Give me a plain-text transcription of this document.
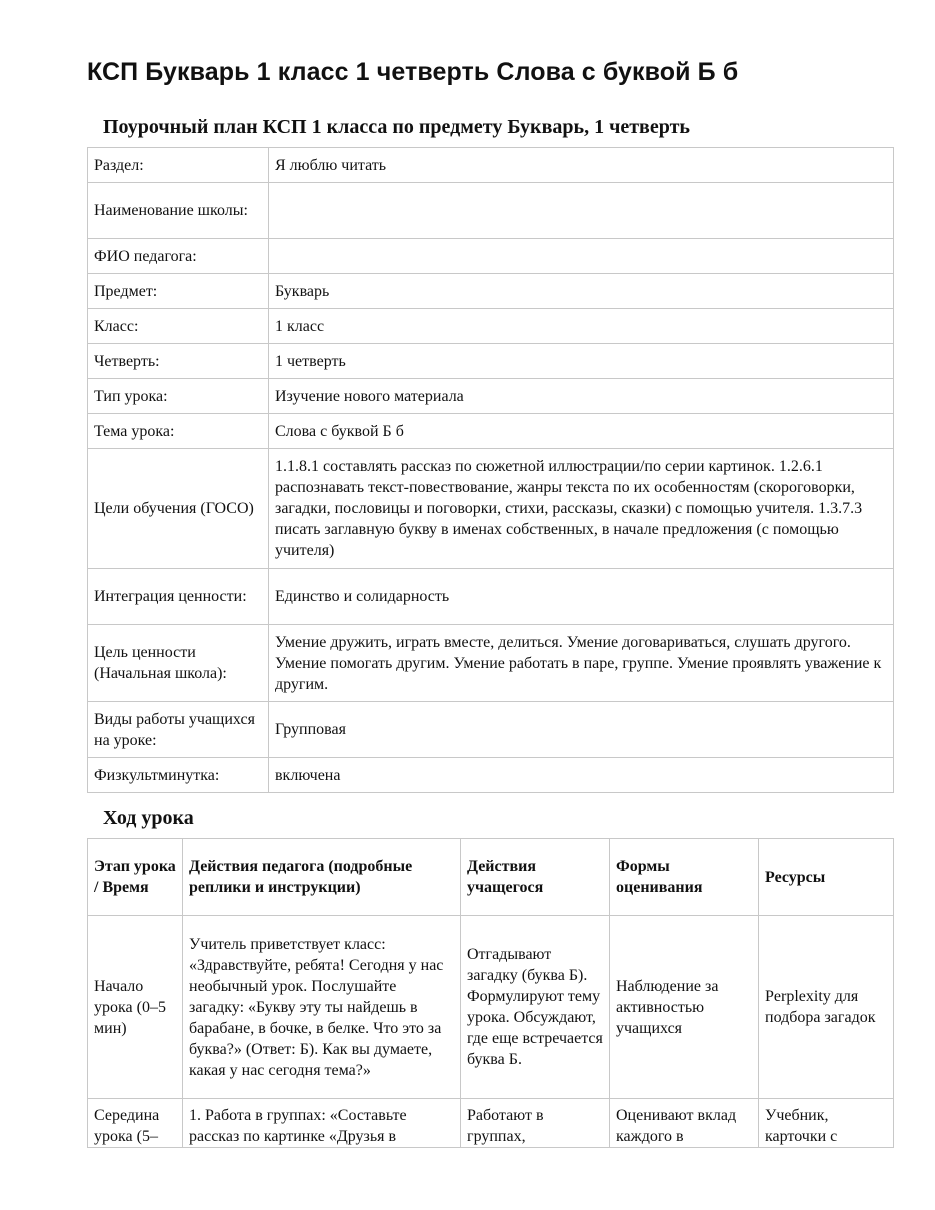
КСП Букварь 1 класс 1 четверть Слова с буквой Б б
Поурочный план КСП 1 класса по предмету Букварь, 1 четверть
Раздел:	Я люблю читать
Наименование школы:	
ФИО педагога:	
Предмет:	Букварь
Класс:	1 класс
Четверть:	1 четверть
Тип урока:	Изучение нового материала
Тема урока:	Слова с буквой Б б
Цели обучения (ГОСО)	1.1.8.1 составлять рассказ по сюжетной иллюстрации/по серии картинок. 1.2.6.1 распознавать текст-повествование, жанры текста по их особенностям (скороговорки, загадки, пословицы и поговорки, стихи, рассказы, сказки) с помощью учителя. 1.3.7.3 писать заглавную букву в именах собственных, в начале предложения (с помощью учителя)
Интеграция ценности:	Единство и солидарность
Цель ценности (Начальная школа):	Умение дружить, играть вместе, делиться. Умение договариваться, слушать другого. Умение помогать другим. Умение работать в паре, группе. Умение проявлять уважение к другим.
Виды работы учащихся на уроке:	Групповая
Физкультминутка:	включена
Ход урока
Этап урока / Время	Действия педагога (подробные реплики и инструкции)	Действия учащегося	Формы оценивания	Ресурсы
Начало урока (0–5 мин)	Учитель приветствует класс: «Здравствуйте, ребята! Сегодня у нас необычный урок. Послушайте загадку: «Букву эту ты найдешь в барабане, в бочке, в белке. Что это за буква?» (Ответ: Б). Как вы думаете, какая у нас сегодня тема?»	Отгадывают загадку (буква Б). Формулируют тему урока. Обсуждают, где еще встречается буква Б.	Наблюдение за активностью учащихся	Perplexity для подбора загадок

Середина урока (5–	1. Работа в группах: «Составьте рассказ по картинке «Друзья в	Работают в группах,	Оценивают вклад каждого в	Учебник, карточки с
